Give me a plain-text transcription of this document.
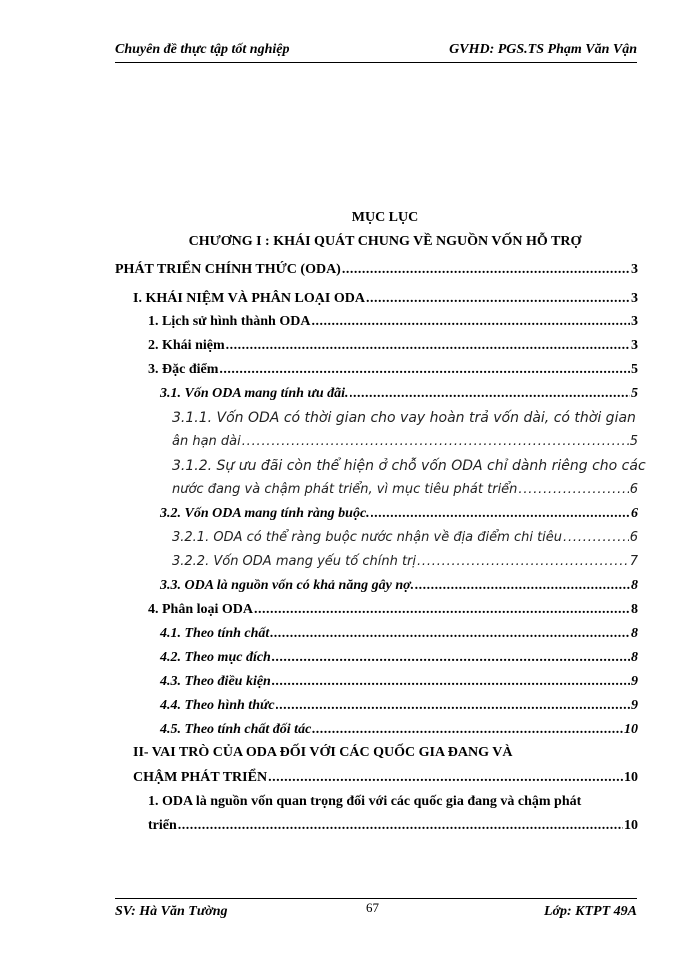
Chuyên đề thực tập tốt nghiệp	GVHD: PGS.TS Phạm Văn Vận
MỤC LỤC
CHƯƠNG I : KHÁI QUÁT CHUNG VỀ NGUỒN VỐN HỖ TRỢ
PHÁT TRIỂN CHÍNH THỨC (ODA) .....	3
I. KHÁI NIỆM VÀ PHÂN LOẠI ODA .....	3
1. Lịch sử hình thành ODA .....	3
2. Khái niệm .....	3
3. Đặc điểm .....	5
3.1. Vốn ODA mang tính ưu đãi. .....	5
3.1.1. Vốn ODA có thời gian cho vay hoàn trả vốn dài, có thời gian
ân hạn dài .....	5
3.1.2. Sự ưu đãi còn thể hiện ở chỗ vốn ODA chỉ dành riêng cho các
nước đang và chậm phát triển, vì mục tiêu phát triển .....	6
3.2. Vốn ODA mang tính ràng buộc. .....	6
3.2.1. ODA có thể ràng buộc nước nhận về địa điểm chi tiêu .....	6
3.2.2. Vốn ODA mang yếu tố chính trị .....	7
3.3. ODA là nguồn vốn có khả năng gây nợ. .....	8
4. Phân loại ODA .....	8
4.1. Theo tính chất .....	8
4.2. Theo mục đích .....	8
4.3. Theo điều kiện .....	9
4.4. Theo hình thức .....	9
4.5. Theo tính chất đối tác .....	10
II- VAI TRÒ CỦA ODA ĐỐI VỚI CÁC QUỐC GIA ĐANG VÀ
CHẬM PHÁT TRIỂN .....	10
1. ODA là nguồn vốn quan trọng đối với các quốc gia đang và chậm phát
triển .....	10
SV: Hà Văn Tường	67	Lớp: KTPT 49A
